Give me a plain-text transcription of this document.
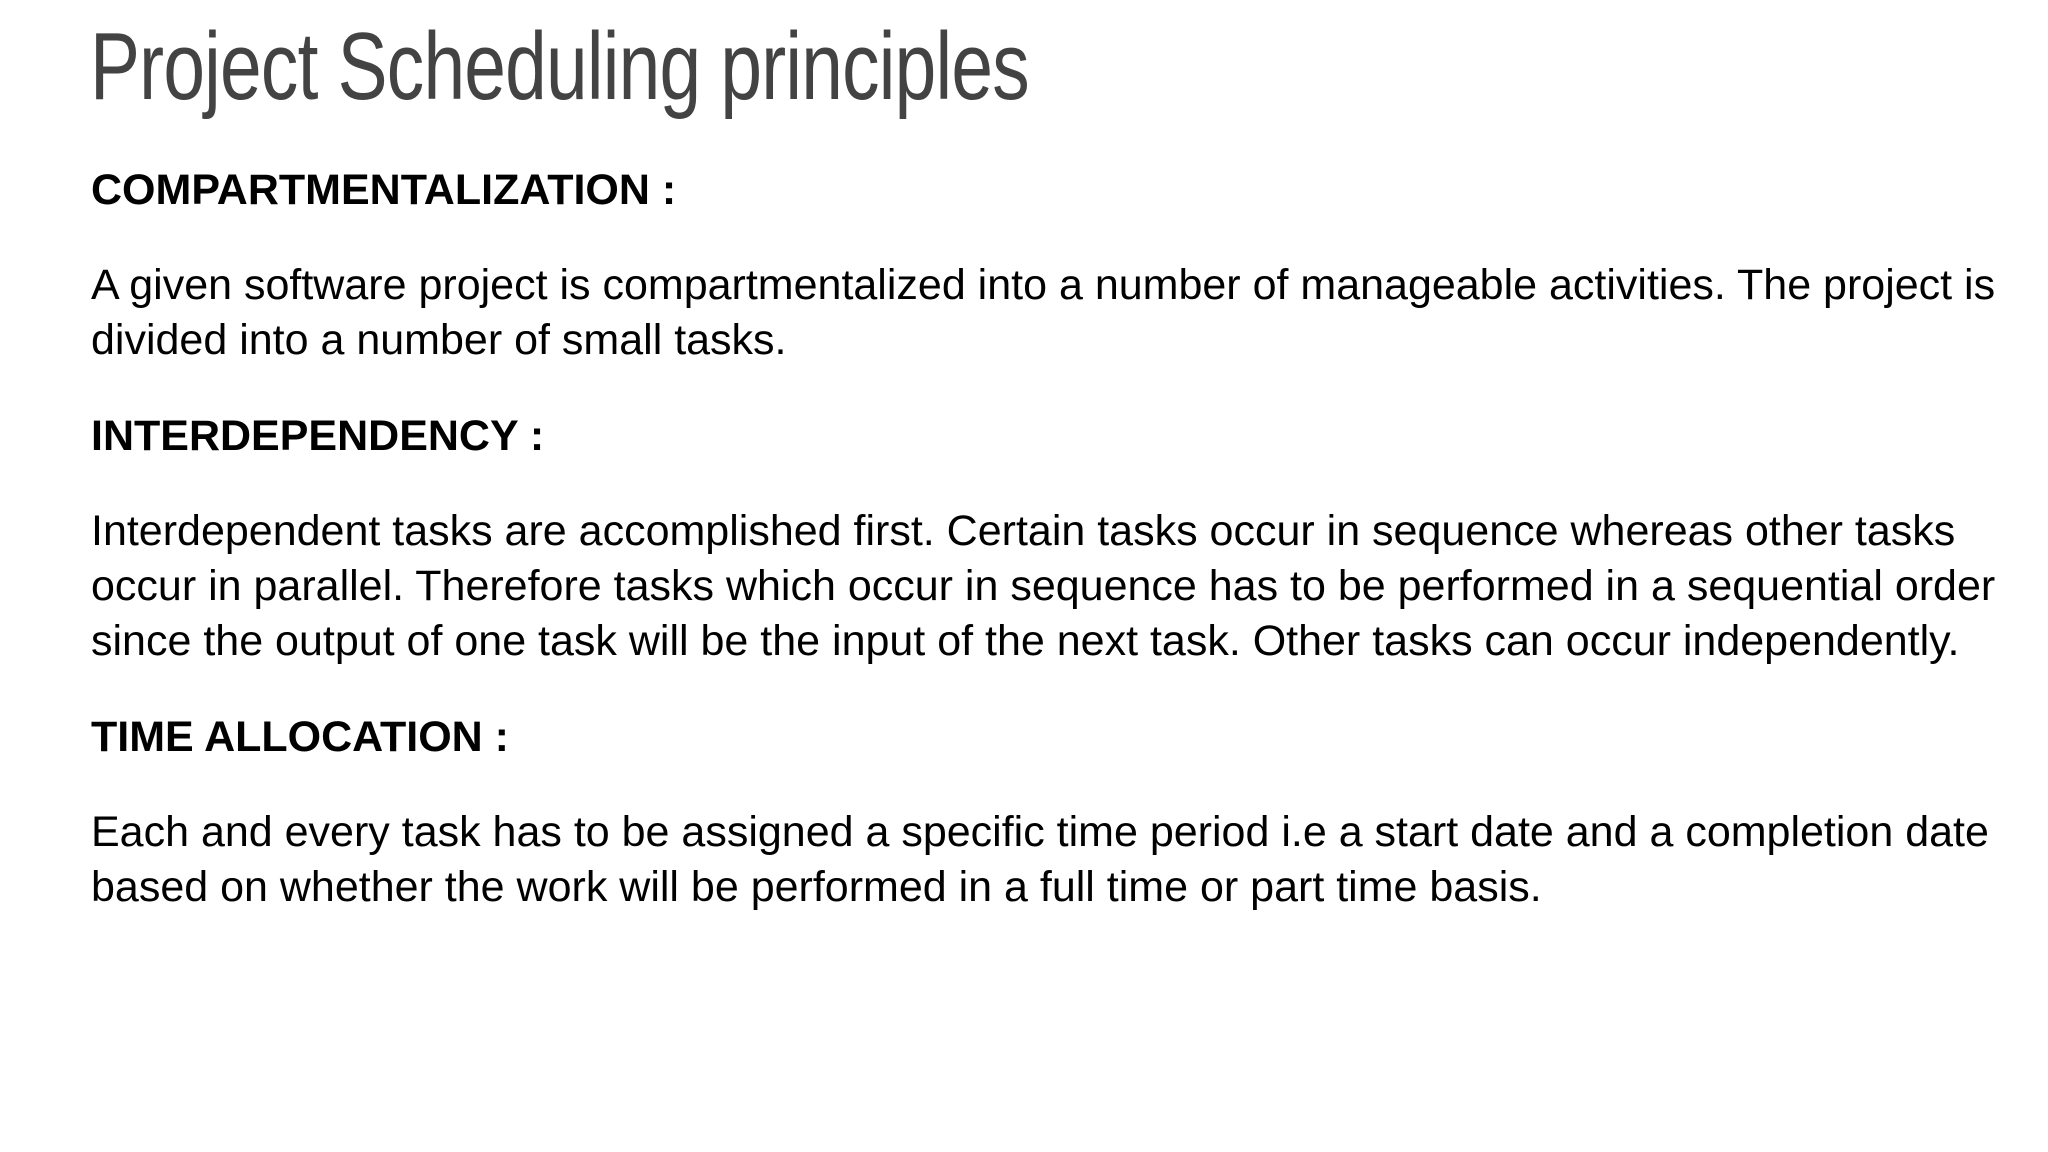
Project Scheduling principles

COMPARTMENTALIZATION :

A given software project is compartmentalized into a number of manageable activities. The project is divided into a number of small tasks.

INTERDEPENDENCY :

Interdependent tasks are accomplished first. Certain tasks occur in sequence whereas other tasks occur in parallel. Therefore tasks which occur in sequence has to be performed in a sequential order since the output of one task will be the input of the next task. Other tasks can occur independently.

TIME ALLOCATION :

Each and every task has to be assigned a specific time period i.e a start date and a completion date based on whether the work will be performed in a full time or part time basis.
